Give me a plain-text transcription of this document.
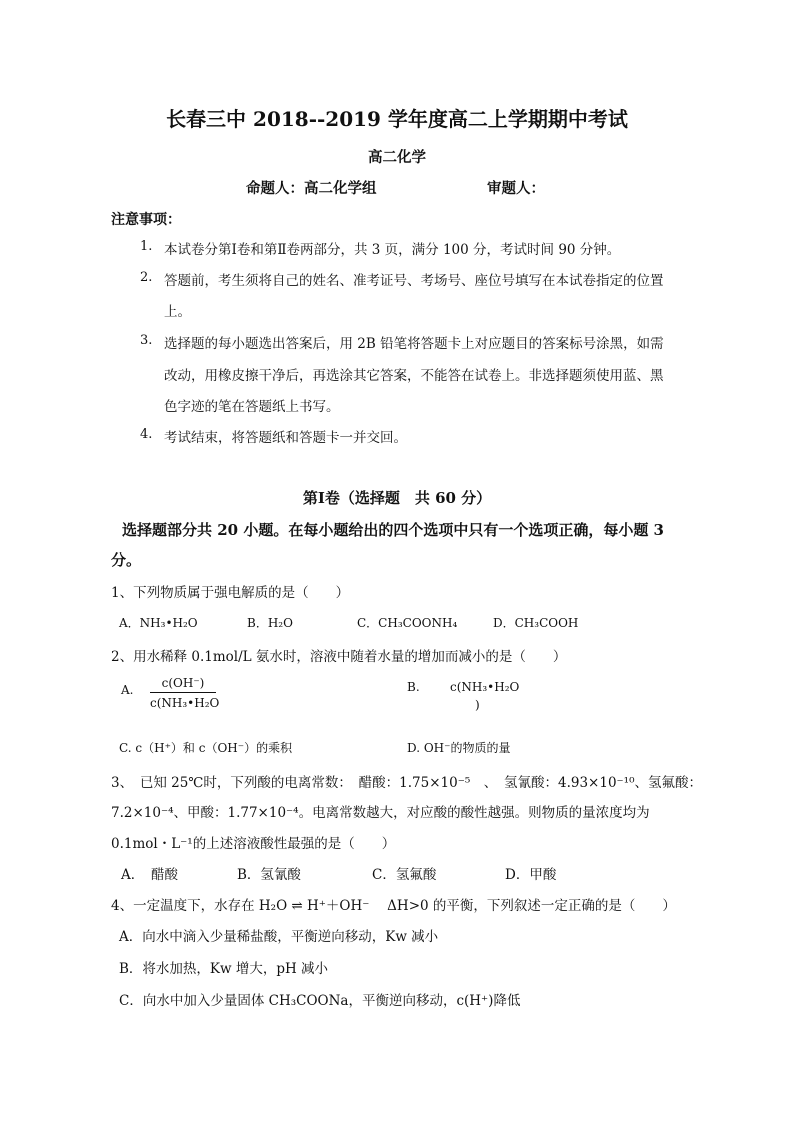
长春三中 2018--2019 学年度高二上学期期中考试
高二化学
命题人：高二化学组	审题人：
注意事项：
1. 本试卷分第Ⅰ卷和第Ⅱ卷两部分，共 3 页，满分 100 分，考试时间 90 分钟。
2. 答题前，考生须将自己的姓名、准考证号、考场号、座位号填写在本试卷指定的位置
上。
3. 选择题的每小题选出答案后，用 2B 铅笔将答题卡上对应题目的答案标号涂黑，如需
改动，用橡皮擦干净后，再选涂其它答案，不能答在试卷上。非选择题须使用蓝、黑
色字迹的笔在答题纸上书写。
4. 考试结束，将答题纸和答题卡一并交回。
第Ⅰ卷（选择题　共 60 分）
选择题部分共 20 小题。在每小题给出的四个选项中只有一个选项正确，每小题 3
分。
1、下列物质属于强电解质的是（　　）
A．NH₃•H₂O	B．H₂O	C．CH₃COONH₄	D．CH₃COOH
2、用水稀释 0.1mol/L 氨水时，溶液中随着水量的增加而减小的是（　　）
A.	c(OH⁻)
c(NH₃•H₂O
B.	c(NH₃•H₂O
)
C. c（H⁺）和 c（OH⁻）的乘积	D. OH⁻的物质的量
3、　已知 25℃时，下列酸的电离常数：　醋酸：1.75×10⁻⁵　、　氢氰酸：4.93×10⁻¹⁰、氢氟酸：
7.2×10⁻⁴、甲酸：1.77×10⁻⁴。电离常数越大，对应酸的酸性越强。则物质的量浓度均为
0.1mol・L⁻¹的上述溶液酸性最强的是（　　）
A．　醋酸	B．氢氰酸	C．氢氟酸	D．甲酸
4、一定温度下，水存在 H₂O ⇌ H⁺＋OH⁻　 ΔH>0 的平衡，下列叙述一定正确的是（　　）
A．向水中滴入少量稀盐酸，平衡逆向移动，Kw 减小
B．将水加热，Kw 增大，pH 减小
C．向水中加入少量固体 CH₃COONa，平衡逆向移动，c(H⁺)降低
